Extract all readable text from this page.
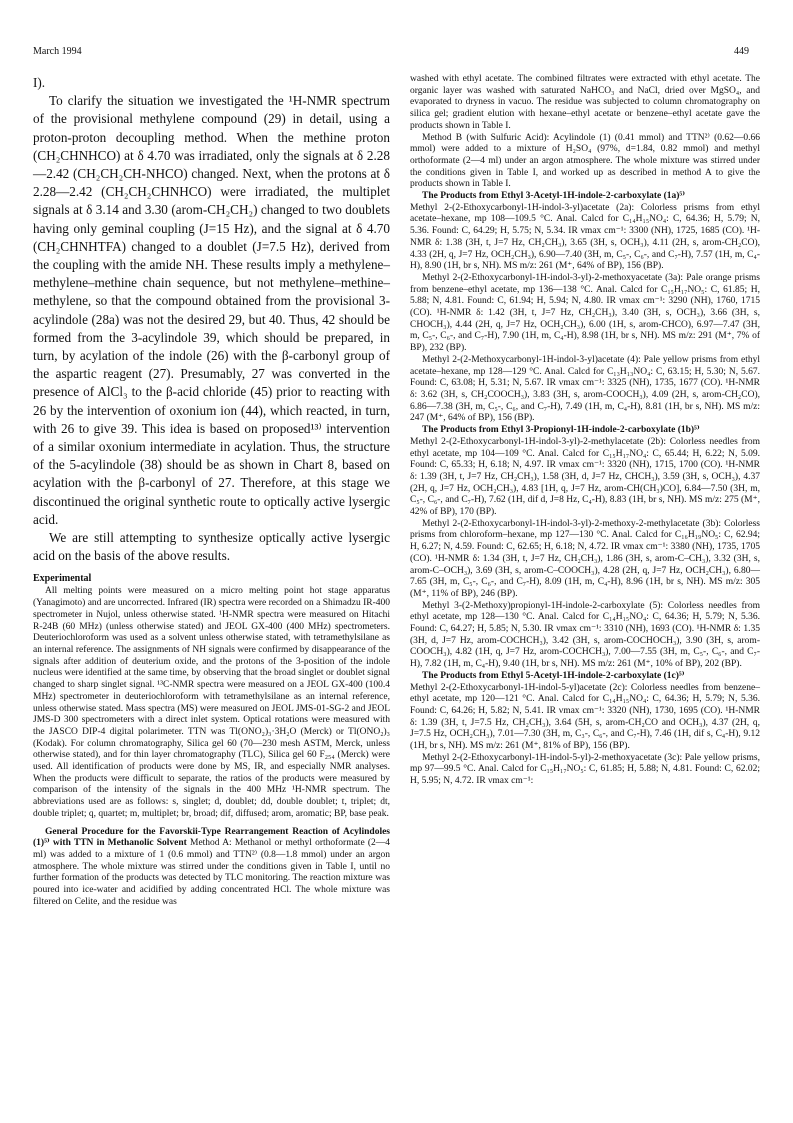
March 1994	449

I).

To clarify the situation we investigated the ¹H-NMR spectrum of the provisional methylene compound (29) in detail, using a proton-proton decoupling method. When the methine proton (CH₂CHNHCO) at δ 4.70 was irradiated, only the signals at δ 2.28—2.42 (CH₂CH₂CH-NHCO) changed. Next, when the protons at δ 2.28—2.42 (CH₂CH₂CHNHCO) were irradiated, the multiplet signals at δ 3.14 and 3.30 (arom-CH₂CH₂) changed to two doublets having only geminal coupling (J=15 Hz), and the signal at δ 4.70 (CH₂CHNHTFA) changed to a doublet (J=7.5 Hz), derived from the coupling with the amide NH. These results imply a methylene–methylene–methine chain sequence, but not methylene–methine–methylene, so that the compound obtained from the provisional 3-acylindole (28a) was not the desired 29, but 40. Thus, 42 should be formed from the 3-acylindole 39, which should be prepared, in turn, by acylation of the indole (26) with the β-carbonyl group of the aspartic reagent (27). Presumably, 27 was converted in the presence of AlCl₃ to the β-acid chloride (45) prior to reacting with 26 by the intervention of oxonium ion (44), which reacted, in turn, with 26 to give 39. This idea is based on proposed¹³⁾ intervention of a similar oxonium intermediate in acylation. Thus, the structure of the 5-acylindole (38) should be as shown in Chart 8, based on acylation with the β-carbonyl of 27. Therefore, at this stage we discontinued the original synthetic route to optically active lysergic acid.

We are still attempting to synthesize optically active lysergic acid on the basis of the above results.

Experimental

All melting points were measured on a micro melting point hot stage apparatus (Yanagimoto) and are uncorrected. Infrared (IR) spectra were recorded on a Shimadzu IR-400 spectrometer in Nujol, unless otherwise stated. ¹H-NMR spectra were measured on Hitachi R-24B (60 MHz) (unless otherwise stated) and JEOL GX-400 (400 MHz) spectrometers. Deuteriochloroform was used as a solvent unless otherwise stated, with tetramethylsilane as an internal reference. The assignments of NH signals were confirmed by disappearance of the signals after addition of deuterium oxide, and the protons of the 3-position of the indole nucleus were identified at the same time, by observing that the broad singlet or doublet signal changed to sharp singlet signal. ¹³C-NMR spectra were measured on a JEOL GX-400 (100.4 MHz) spectrometer in deuteriochloroform with tetramethylsilane as an internal reference, unless otherwise stated. Mass spectra (MS) were measured on JEOL JMS-01-SG-2 and JEOL JMS-D 300 spectrometers with a direct inlet system. Optical rotations were measured with the JASCO DIP-4 digital polarimeter. TTN was Tl(ONO₂)₃·3H₂O (Merck) or Tl(ONO₂)₃ (Kodak). For column chromatography, Silica gel 60 (70—230 mesh ASTM, Merck, unless otherwise stated), and for thin layer chromatography (TLC), Silica gel 60 F₂₅₄ (Merck) were used. All identification of products were done by MS, IR, and especially NMR analyses. When the products were difficult to separate, the ratios of the products were measured by comparison of the intensity of the signals in the 400 MHz ¹H-NMR spectrum. The abbreviations used are as follows: s, singlet; d, doublet; dd, double doublet; t, triplet; dt, double triplet; q, quartet; m, multiplet; br, broad; dif, diffused; arom, aromatic; BP, base peak.

General Procedure for the Favorskii-Type Rearrangement Reaction of Acylindoles (1)⁵⁾ with TTN in Methanolic Solvent Method A: Methanol or methyl orthoformate (2—4 ml) was added to a mixture of 1 (0.6 mmol) and TTN²⁾ (0.8—1.8 mmol) under an argon atmosphere. The whole mixture was stirred under the conditions given in Table I, until no further formation of the products was detected by TLC monitoring. The reaction mixture was poured into ice-water and acidified by adding concentrated HCl. The whole mixture was filtered on Celite, and the residue was

washed with ethyl acetate. The combined filtrates were extracted with ethyl acetate. The organic layer was washed with saturated NaHCO₃ and NaCl, dried over MgSO₄, and evaporated to dryness in vacuo. The residue was subjected to column chromatography on silica gel; gradient elution with hexane–ethyl acetate or benzene–ethyl acetate gave the products shown in Table I.

Method B (with Sulfuric Acid): Acylindole (1) (0.41 mmol) and TTN²⁾ (0.62—0.66 mmol) were added to a mixture of H₂SO₄ (97%, d=1.84, 0.82 mmol) and methyl orthoformate (2—4 ml) under an argon atmosphere. The whole mixture was stirred under the conditions given in Table I, and worked up as described in method A to give the products shown in Table I.

The Products from Ethyl 3-Acetyl-1H-indole-2-carboxylate (1a)⁵⁾
Methyl 2-(2-Ethoxycarbonyl-1H-indol-3-yl)acetate (2a): Colorless prisms from ethyl acetate–hexane, mp 108—109.5 °C. Anal. Calcd for C₁₄H₁₅NO₄: C, 64.36; H, 5.79; N, 5.36. Found: C, 64.29; H, 5.75; N, 5.34. IR νmax cm⁻¹: 3300 (NH), 1725, 1685 (CO). ¹H-NMR δ: 1.38 (3H, t, J=7 Hz, CH₂CH₃), 3.65 (3H, s, OCH₃), 4.11 (2H, s, arom-CH₂CO), 4.33 (2H, q, J=7 Hz, OCH₂CH₃), 6.90—7.40 (3H, m, C₅-, C₆-, and C₇-H), 7.57 (1H, m, C₄-H), 8.90 (1H, br s, NH). MS m/z: 261 (M⁺, 64% of BP), 156 (BP).

Methyl 2-(2-Ethoxycarbonyl-1H-indol-3-yl)-2-methoxyacetate (3a): Pale orange prisms from benzene–ethyl acetate, mp 136—138 °C. Anal. Calcd for C₁₅H₁₇NO₅: C, 61.85; H, 5.88; N, 4.81. Found: C, 61.94; H, 5.94; N, 4.80. IR νmax cm⁻¹: 3290 (NH), 1760, 1715 (CO). ¹H-NMR δ: 1.42 (3H, t, J=7 Hz, CH₂CH₃), 3.40 (3H, s, OCH₃), 3.66 (3H, s, CHOCH₃), 4.44 (2H, q, J=7 Hz, OCH₂CH₃), 6.00 (1H, s, arom-CHCO), 6.97—7.47 (3H, m, C₅-, C₆-, and C₇-H), 7.90 (1H, m, C₄-H), 8.98 (1H, br s, NH). MS m/z: 291 (M⁺, 7% of BP), 232 (BP).

Methyl 2-(2-Methoxycarbonyl-1H-indol-3-yl)acetate (4): Pale yellow prisms from ethyl acetate–hexane, mp 128—129 °C. Anal. Calcd for C₁₃H₁₃NO₄: C, 63.15; H, 5.30; N, 5.67. Found: C, 63.08; H, 5.31; N, 5.67. IR νmax cm⁻¹: 3325 (NH), 1735, 1677 (CO). ¹H-NMR δ: 3.62 (3H, s, CH₂COOCH₃), 3.83 (3H, s, arom-COOCH₃), 4.09 (2H, s, arom-CH₂CO), 6.86—7.38 (3H, m, C₅-, C₆, and C₇-H), 7.49 (1H, m, C₄-H), 8.81 (1H, br s, NH). MS m/z: 247 (M⁺, 64% of BP), 156 (BP).

The Products from Ethyl 3-Propionyl-1H-indole-2-carboxylate (1b)⁵⁾
Methyl 2-(2-Ethoxycarbonyl-1H-indol-3-yl)-2-methylacetate (2b): Colorless needles from ethyl acetate, mp 104—109 °C. Anal. Calcd for C₁₅H₁₇NO₄: C, 65.44; H, 6.22; N, 5.09. Found: C, 65.33; H, 6.18; N, 4.97. IR νmax cm⁻¹: 3320 (NH), 1715, 1700 (CO). ¹H-NMR δ: 1.39 (3H, t, J=7 Hz, CH₂CH₃), 1.58 (3H, d, J=7 Hz, CHCH₃), 3.59 (3H, s, OCH₃), 4.37 (2H, q, J=7 Hz, OCH₂CH₃), 4.83 [1H, q, J=7 Hz, arom-CH(CH₃)CO], 6.84—7.50 (3H, m, C₅-, C₆-, and C₇-H), 7.62 (1H, dif d, J=8 Hz, C₄-H), 8.83 (1H, br s, NH). MS m/z: 275 (M⁺, 42% of BP), 170 (BP).

Methyl 2-(2-Ethoxycarbonyl-1H-indol-3-yl)-2-methoxy-2-methylacetate (3b): Colorless prisms from chloroform–hexane, mp 127—130 °C. Anal. Calcd for C₁₆H₁₉NO₅: C, 62.94; H, 6.27; N, 4.59. Found: C, 62.65; H, 6.18; N, 4.72. IR νmax cm⁻¹: 3380 (NH), 1735, 1705 (CO). ¹H-NMR δ: 1.34 (3H, t, J=7 Hz, CH₂CH₃), 1.86 (3H, s, arom-C–CH₃), 3.32 (3H, s, arom-C–OCH₃), 3.69 (3H, s, arom-C–COOCH₃), 4.28 (2H, q, J=7 Hz, OCH₂CH₃), 6.80—7.65 (3H, m, C₅-, C₆-, and C₇-H), 8.09 (1H, m, C₄-H), 8.96 (1H, br s, NH). MS m/z: 305 (M⁺, 11% of BP), 246 (BP).

Methyl 3-(2-Methoxy)propionyl-1H-indole-2-carboxylate (5): Colorless needles from ethyl acetate, mp 128—130 °C. Anal. Calcd for C₁₄H₁₅NO₄: C, 64.36; H, 5.79; N, 5.36. Found: C, 64.27; H, 5.85; N, 5.30. IR νmax cm⁻¹: 3310 (NH), 1693 (CO). ¹H-NMR δ: 1.35 (3H, d, J=7 Hz, arom-COCHCH₃), 3.42 (3H, s, arom-COCHOCH₃), 3.90 (3H, s, arom-COOCH₃), 4.82 (1H, q, J=7 Hz, arom-COCHCH₃), 7.00—7.55 (3H, m, C₅-, C₆-, and C₇-H), 7.82 (1H, m, C₄-H), 9.40 (1H, br s, NH). MS m/z: 261 (M⁺, 10% of BP), 202 (BP).

The Products from Ethyl 5-Acetyl-1H-indole-2-carboxylate (1c)⁵⁾
Methyl 2-(2-Ethoxycarbonyl-1H-indol-5-yl)acetate (2c): Colorless needles from benzene–ethyl acetate, mp 120—121 °C. Anal. Calcd for C₁₄H₁₅NO₄: C, 64.36; H, 5.79; N, 5.36. Found: C, 64.26; H, 5.82; N, 5.41. IR νmax cm⁻¹: 3320 (NH), 1730, 1695 (CO). ¹H-NMR δ: 1.39 (3H, t, J=7.5 Hz, CH₂CH₃), 3.64 (5H, s, arom-CH₂CO and OCH₃), 4.37 (2H, q, J=7.5 Hz, OCH₂CH₃), 7.01—7.30 (3H, m, C₃-, C₆-, and C₇-H), 7.46 (1H, dif s, C₄-H), 9.12 (1H, br s, NH). MS m/z: 261 (M⁺, 81% of BP), 156 (BP).

Methyl 2-(2-Ethoxycarbonyl-1H-indol-5-yl)-2-methoxyacetate (3c): Pale yellow prisms, mp 97—99.5 °C. Anal. Calcd for C₁₅H₁₇NO₅: C, 61.85; H, 5.88; N, 4.81. Found: C, 62.02; H, 5.95; N, 4.72. IR νmax cm⁻¹:
